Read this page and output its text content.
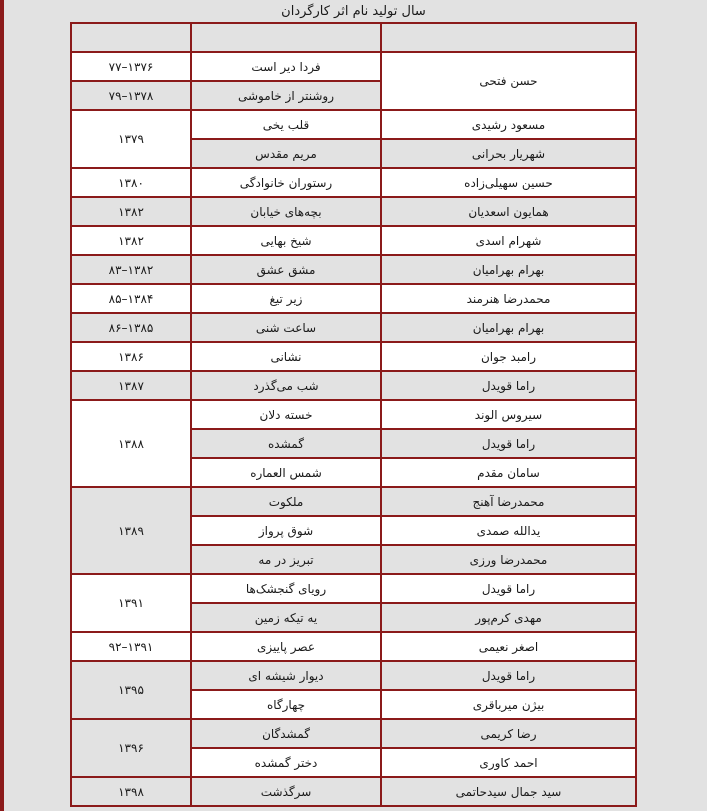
سال تولید نام اثر کارگردان

حسن فتحی	فردا دیر است	۱۳۷۶–۷۷
	روشنتر از خاموشی	۱۳۷۸–۷۹
مسعود رشیدی	قلب یخی	۱۳۷۹
شهریار بحرانی	مریم مقدس	
حسین سهیلی‌زاده	رستوران خانوادگی	۱۳۸۰
همایون اسعدیان	بچه‌های خیابان	۱۳۸۲
شهرام اسدی	شیخ بهایی	۱۳۸۲
بهرام بهرامیان	مشق عشق	۱۳۸۲–۸۳
محمدرضا هنرمند	زیر تیغ	۱۳۸۴–۸۵
بهرام بهرامیان	ساعت شنی	۱۳۸۵–۸۶
رامبد جوان	نشانی	۱۳۸۶
راما قویدل	شب می‌گذرد	۱۳۸۷
سیروس الوند	خسته دلان	۱۳۸۸
راما قویدل	گمشده	
سامان مقدم	شمس العماره	
محمدرضا آهنج	ملکوت	۱۳۸۹
یدالله صمدی	شوق پرواز	
محمدرضا ورزی	تبریز در مه	
راما قویدل	رویای گنجشک‌ها	۱۳۹۱
مهدی کرم‌پور	یه تیکه زمین	
اصغر نعیمی	عصر پاییزی	۱۳۹۱–۹۲
راما قویدل	دیوار شیشه ای	۱۳۹۵
بیژن میرباقری	چهارگاه	
رضا کریمی	گمشدگان	۱۳۹۶
احمد کاوری	دختر گمشده	
سید جمال سیدحاتمی	سرگذشت	۱۳۹۸
